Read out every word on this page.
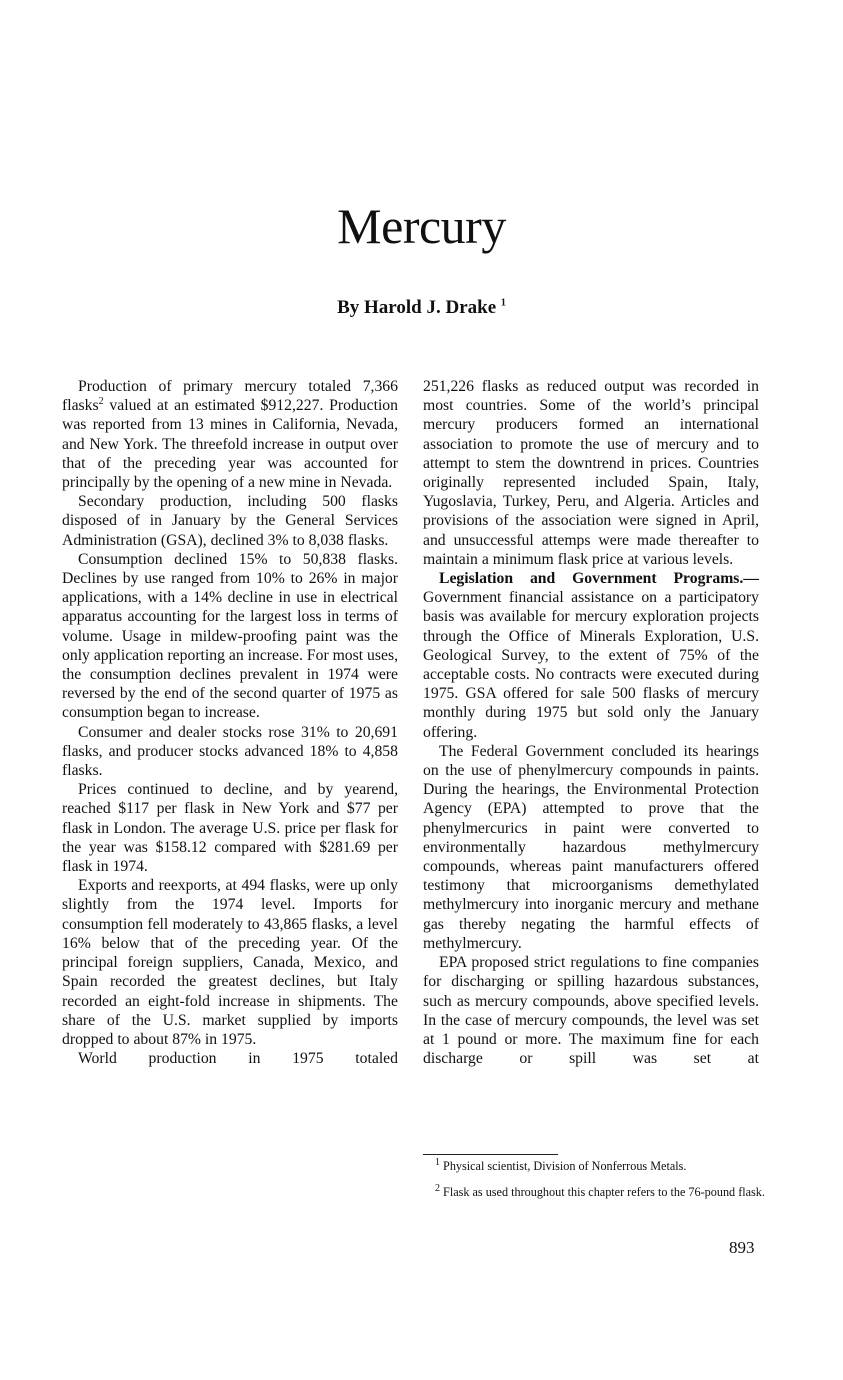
Mercury
By Harold J. Drake $^1$

Production of primary mercury totaled 7,366 flasks$^2$ valued at an estimated $912,227. Production was reported from 13 mines in California, Nevada, and New York. The threefold increase in output over that of the preceding year was accounted for principally by the opening of a new mine in Nevada.

Secondary production, including 500 flasks disposed of in January by the General Services Administration (GSA), declined 3% to 8,038 flasks.

Consumption declined 15% to 50,838 flasks. Declines by use ranged from 10% to 26% in major applications, with a 14% decline in use in electrical apparatus accounting for the largest loss in terms of volume. Usage in mildew-proofing paint was the only application reporting an increase. For most uses, the consumption declines prevalent in 1974 were reversed by the end of the second quarter of 1975 as consumption began to increase.

Consumer and dealer stocks rose 31% to 20,691 flasks, and producer stocks advanced 18% to 4,858 flasks.

Prices continued to decline, and by yearend, reached $117 per flask in New York and $77 per flask in London. The average U.S. price per flask for the year was $158.12 compared with $281.69 per flask in 1974.

Exports and reexports, at 494 flasks, were up only slightly from the 1974 level. Imports for consumption fell moderately to 43,865 flasks, a level 16% below that of the preceding year. Of the principal foreign suppliers, Canada, Mexico, and Spain recorded the greatest declines, but Italy recorded an eight-fold increase in shipments. The share of the U.S. market supplied by imports dropped to about 87% in 1975.

World production in 1975 totaled

251,226 flasks as reduced output was recorded in most countries. Some of the world’s principal mercury producers formed an international association to promote the use of mercury and to attempt to stem the downtrend in prices. Countries originally represented included Spain, Italy, Yugoslavia, Turkey, Peru, and Algeria. Articles and provisions of the association were signed in April, and unsuccessful attemps were made thereafter to maintain a minimum flask price at various levels.

Legislation and Government Programs.— Government financial assistance on a participatory basis was available for mercury exploration projects through the Office of Minerals Exploration, U.S. Geological Survey, to the extent of 75% of the acceptable costs. No contracts were executed during 1975. GSA offered for sale 500 flasks of mercury monthly during 1975 but sold only the January offering.

The Federal Government concluded its hearings on the use of phenylmercury compounds in paints. During the hearings, the Environmental Protection Agency (EPA) attempted to prove that the phenylmercurics in paint were converted to environmentally hazardous methylmercury compounds, whereas paint manufacturers offered testimony that microorganisms demethylated methylmercury into inorganic mercury and methane gas thereby negating the harmful effects of methylmercury.

EPA proposed strict regulations to fine companies for discharging or spilling hazardous substances, such as mercury compounds, above specified levels. In the case of mercury compounds, the level was set at 1 pound or more. The maximum fine for each discharge or spill was set at

$^1$ Physical scientist, Division of Nonferrous Metals.

$^2$ Flask as used throughout this chapter refers to the 76-pound flask.

893
